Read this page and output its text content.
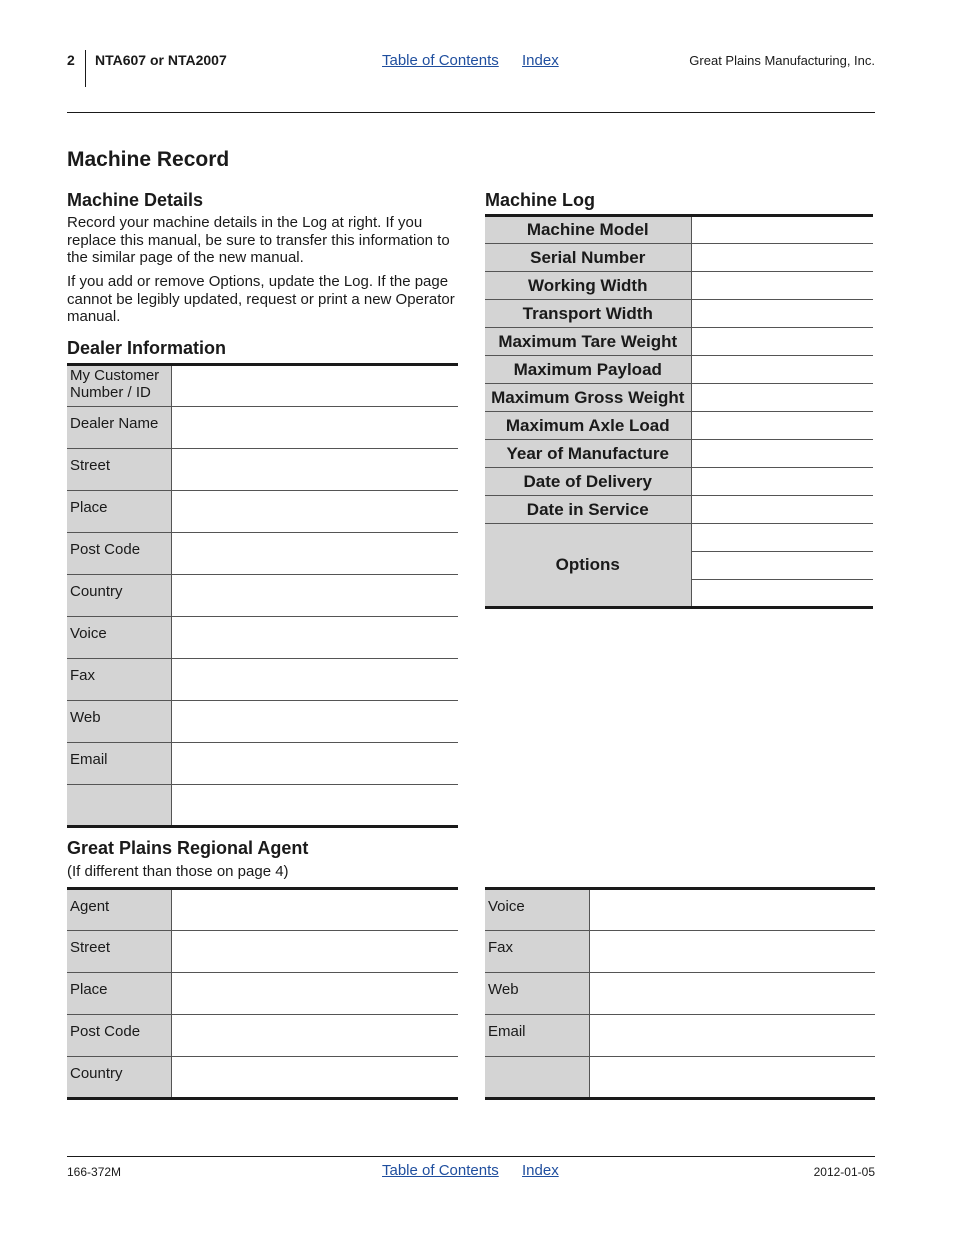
2 NTA607 or NTA2007	Table of Contents Index	Great Plains Manufacturing, Inc.
Machine Record
Machine Details

Record your machine details in the Log at right. If you replace this manual, be sure to transfer this information to the similar page of the new manual.

If you add or remove Options, update the Log. If the page cannot be legibly updated, request or print a new Operator manual.

Dealer Information
My Customer Number / ID	
Dealer Name	
Street	
Place	
Post Code	
Country	
Voice	
Fax	
Web	
Email	

Machine Log
Machine Model	
Serial Number	
Working Width	
Transport Width	
Maximum Tare Weight	
Maximum Payload	
Maximum Gross Weight	
Maximum Axle Load	
Year of Manufacture	
Date of Delivery	
Date in Service	
Options	

Great Plains Regional Agent
(If different than those on page 4)
Agent	
Street	
Place	
Post Code	
Country	
Voice	
Fax	
Web	
Email	

166-372M	Table of Contents Index	2012-01-05
